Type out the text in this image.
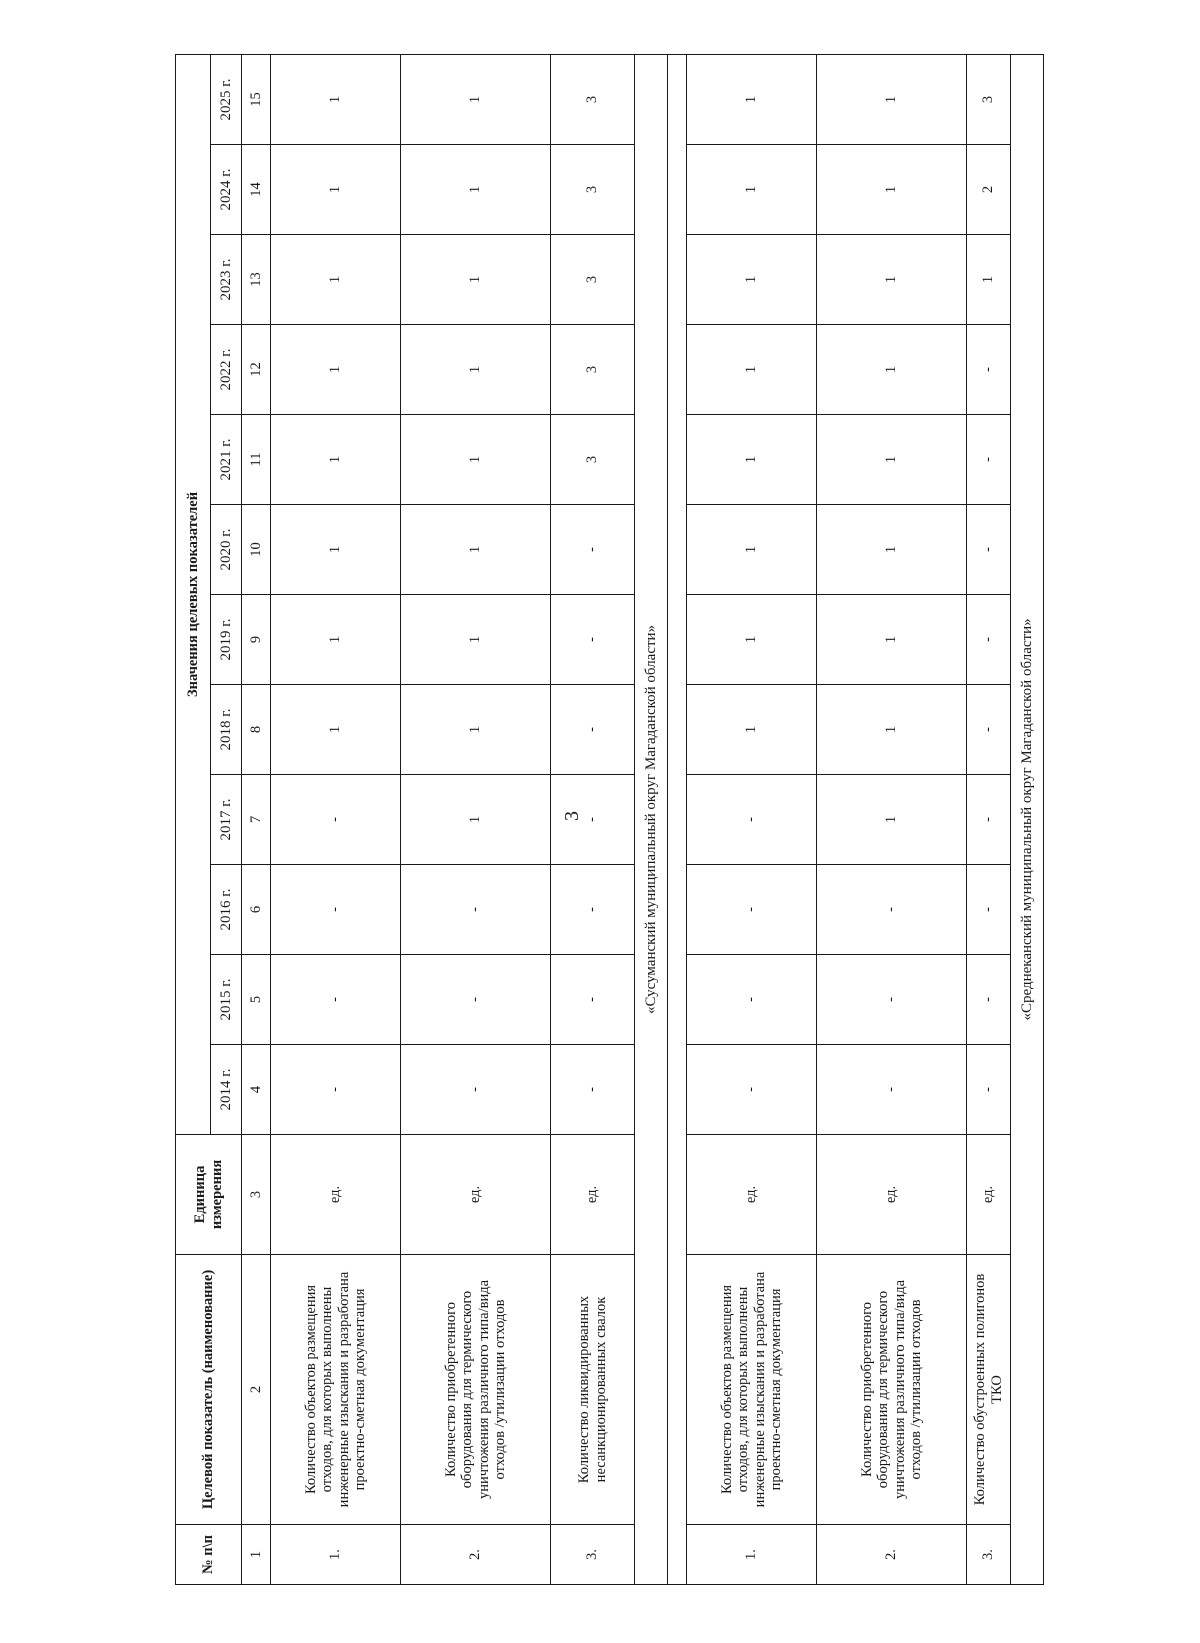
3
№ п\п	Целевой показатель (наименование)	Единица измерения	Значения целевых показателей											
			2014 г.	2015 г.	2016 г.	2017 г.	2018 г.	2019 г.	2020 г.	2021 г.	2022 г.	2023 г.	2024 г.	2025 г.
1	2	3	4	5	6	7	8	9	10	11	12	13	14	15
1.	Количество объектов размещения отходов, для которых выполнены инженерные изыскания и разработана проектно-сметная документация	ед.	-	-	-	-	1	1	1	1	1	1	1	1
2.	Количество приобретенного оборудования для термического уничтожения различного типа/вида отходов /утилизации отходов	ед.	-	-	-	1	1	1	1	1	1	1	1	1
3.	Количество ликвидированных несанкционированных свалок	ед.	-	-	-	-	-	-	-	3	3	3	3	3
«Сусуманский муниципальный округ Магаданской области»														

1.	Количество объектов размещения отходов, для которых выполнены инженерные изыскания и разработана проектно-сметная документация	ед.	-	-	-	-	1	1	1	1	1	1	1	1
2.	Количество приобретенного оборудования для термического уничтожения различного типа/вида отходов /утилизации отходов	ед.	-	-	-	1	1	1	1	1	1	1	1	1
3.	Количество обустроенных полигонов ТКО	ед.	-	-	-	-	-	-	-	-	-	1	2	3
«Среднеканский муниципальный округ Магаданской области»														
